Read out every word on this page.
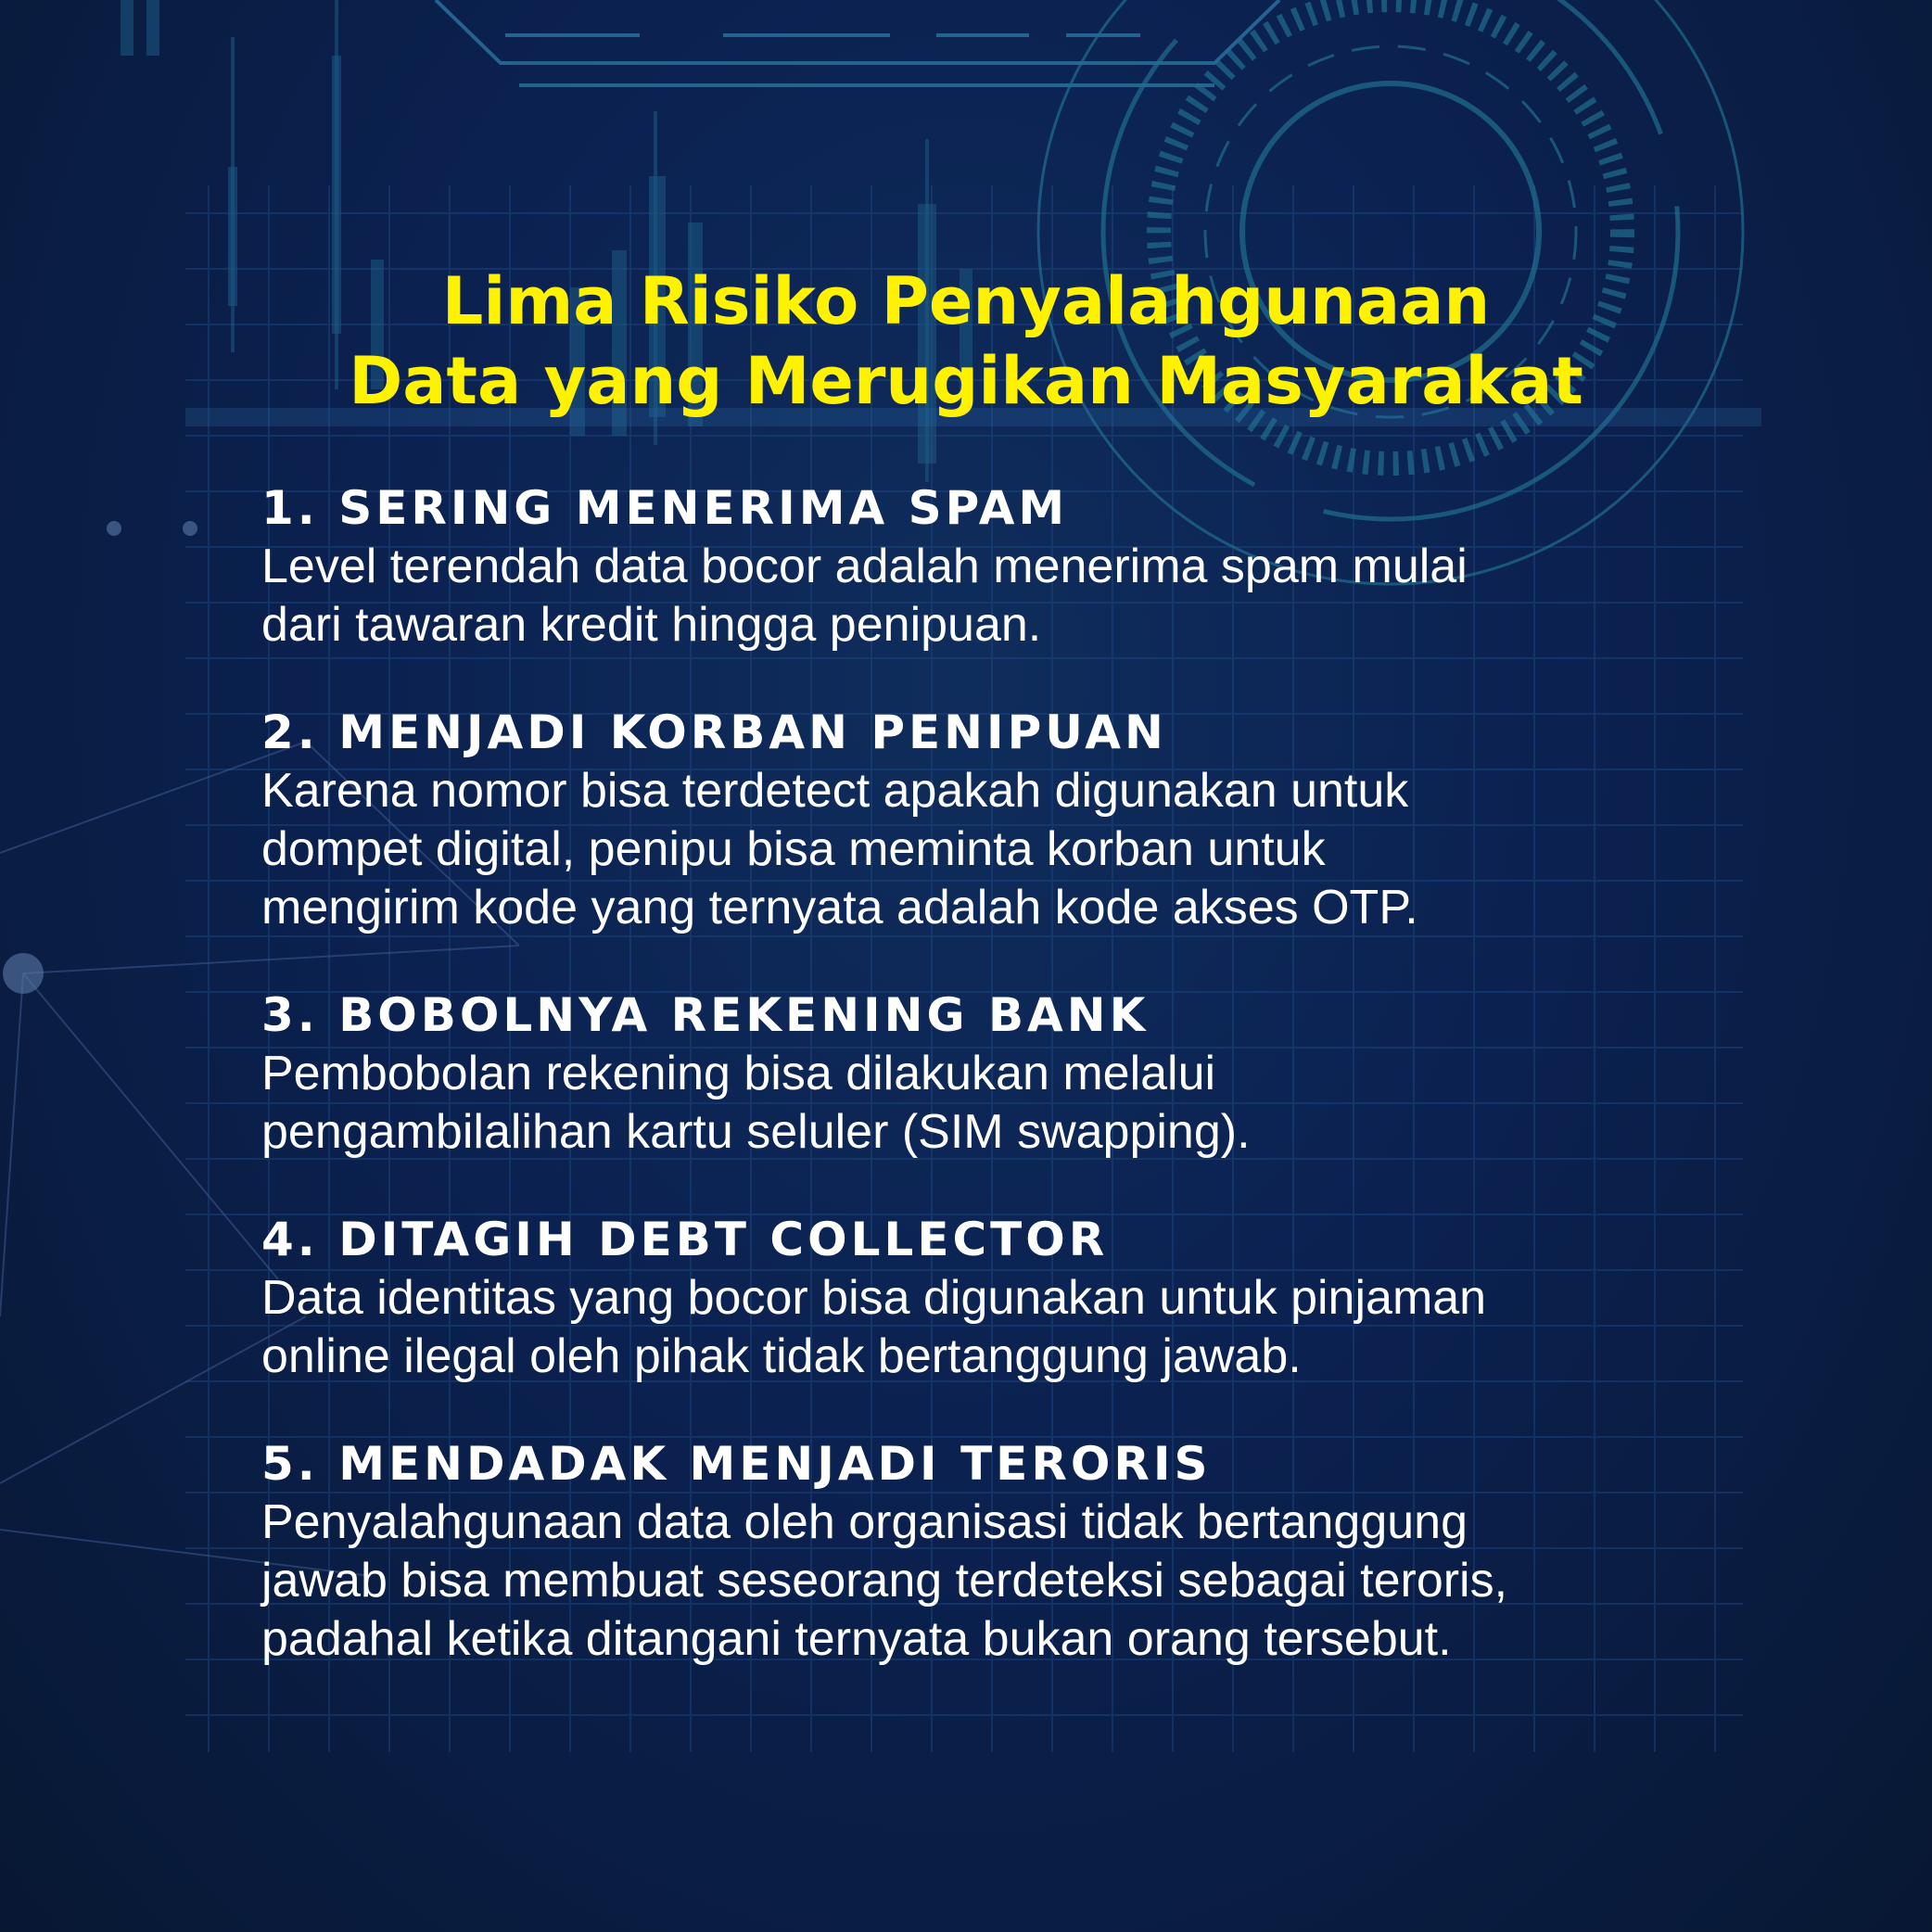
Lima Risiko Penyalahgunaan
Data yang Merugikan Masyarakat
1. SERING MENERIMA SPAM
Level terendah data bocor adalah menerima spam mulai
dari tawaran kredit hingga penipuan.
2. MENJADI KORBAN PENIPUAN
Karena nomor bisa terdetect apakah digunakan untuk
dompet digital, penipu bisa meminta korban untuk
mengirim kode yang ternyata adalah kode akses OTP.
3. BOBOLNYA REKENING BANK
Pembobolan rekening bisa dilakukan melalui
pengambilalihan kartu seluler (SIM swapping).
4. DITAGIH DEBT COLLECTOR
Data identitas yang bocor bisa digunakan untuk pinjaman
online ilegal oleh pihak tidak bertanggung jawab.
5. MENDADAK MENJADI TERORIS
Penyalahgunaan data oleh organisasi tidak bertanggung
jawab bisa membuat seseorang terdeteksi sebagai teroris,
padahal ketika ditangani ternyata bukan orang tersebut.
